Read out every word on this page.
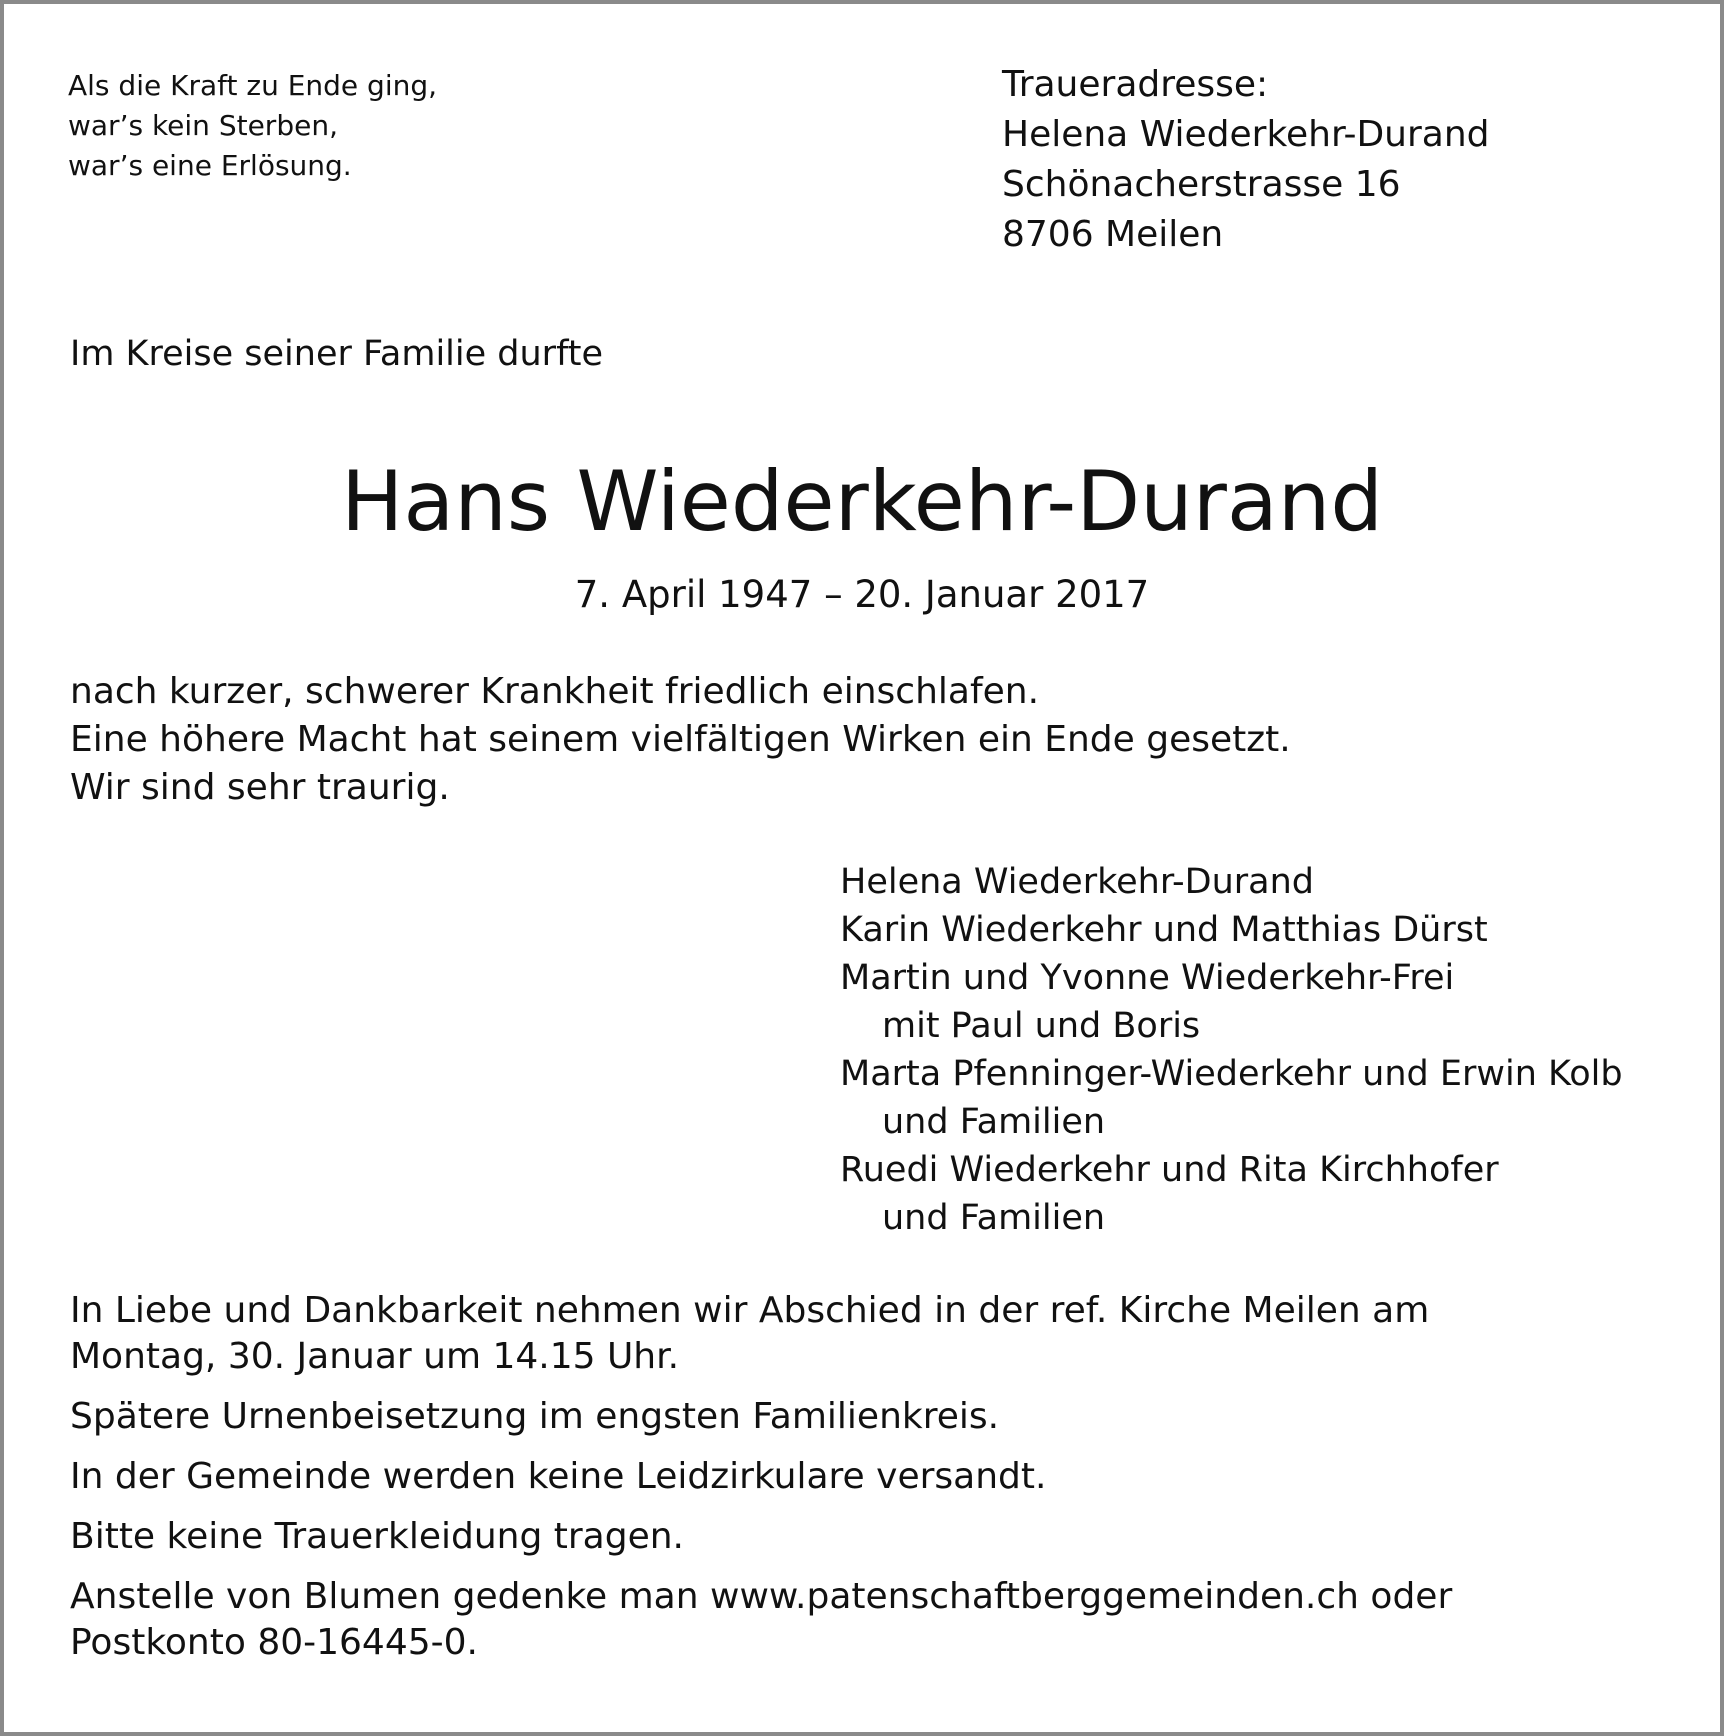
Als die Kraft zu Ende ging,
war’s kein Sterben,
war’s eine Erlösung.
Traueradresse:
Helena Wiederkehr-Durand
Schönacherstrasse 16
8706 Meilen
Im Kreise seiner Familie durfte
Hans Wiederkehr-Durand
7. April 1947 – 20. Januar 2017
nach kurzer, schwerer Krankheit friedlich einschlafen.
Eine höhere Macht hat seinem vielfältigen Wirken ein Ende gesetzt.
Wir sind sehr traurig.
Helena Wiederkehr-Durand
Karin Wiederkehr und Matthias Dürst
Martin und Yvonne Wiederkehr-Frei
mit Paul und Boris
Marta Pfenninger-Wiederkehr und Erwin Kolb
und Familien
Ruedi Wiederkehr und Rita Kirchhofer
und Familien
In Liebe und Dankbarkeit nehmen wir Abschied in der ref. Kirche Meilen am
Montag, 30. Januar um 14.15 Uhr.
Spätere Urnenbeisetzung im engsten Familienkreis.
In der Gemeinde werden keine Leidzirkulare versandt.
Bitte keine Trauerkleidung tragen.
Anstelle von Blumen gedenke man www.patenschaftberggemeinden.ch oder
Postkonto 80-16445-0.
